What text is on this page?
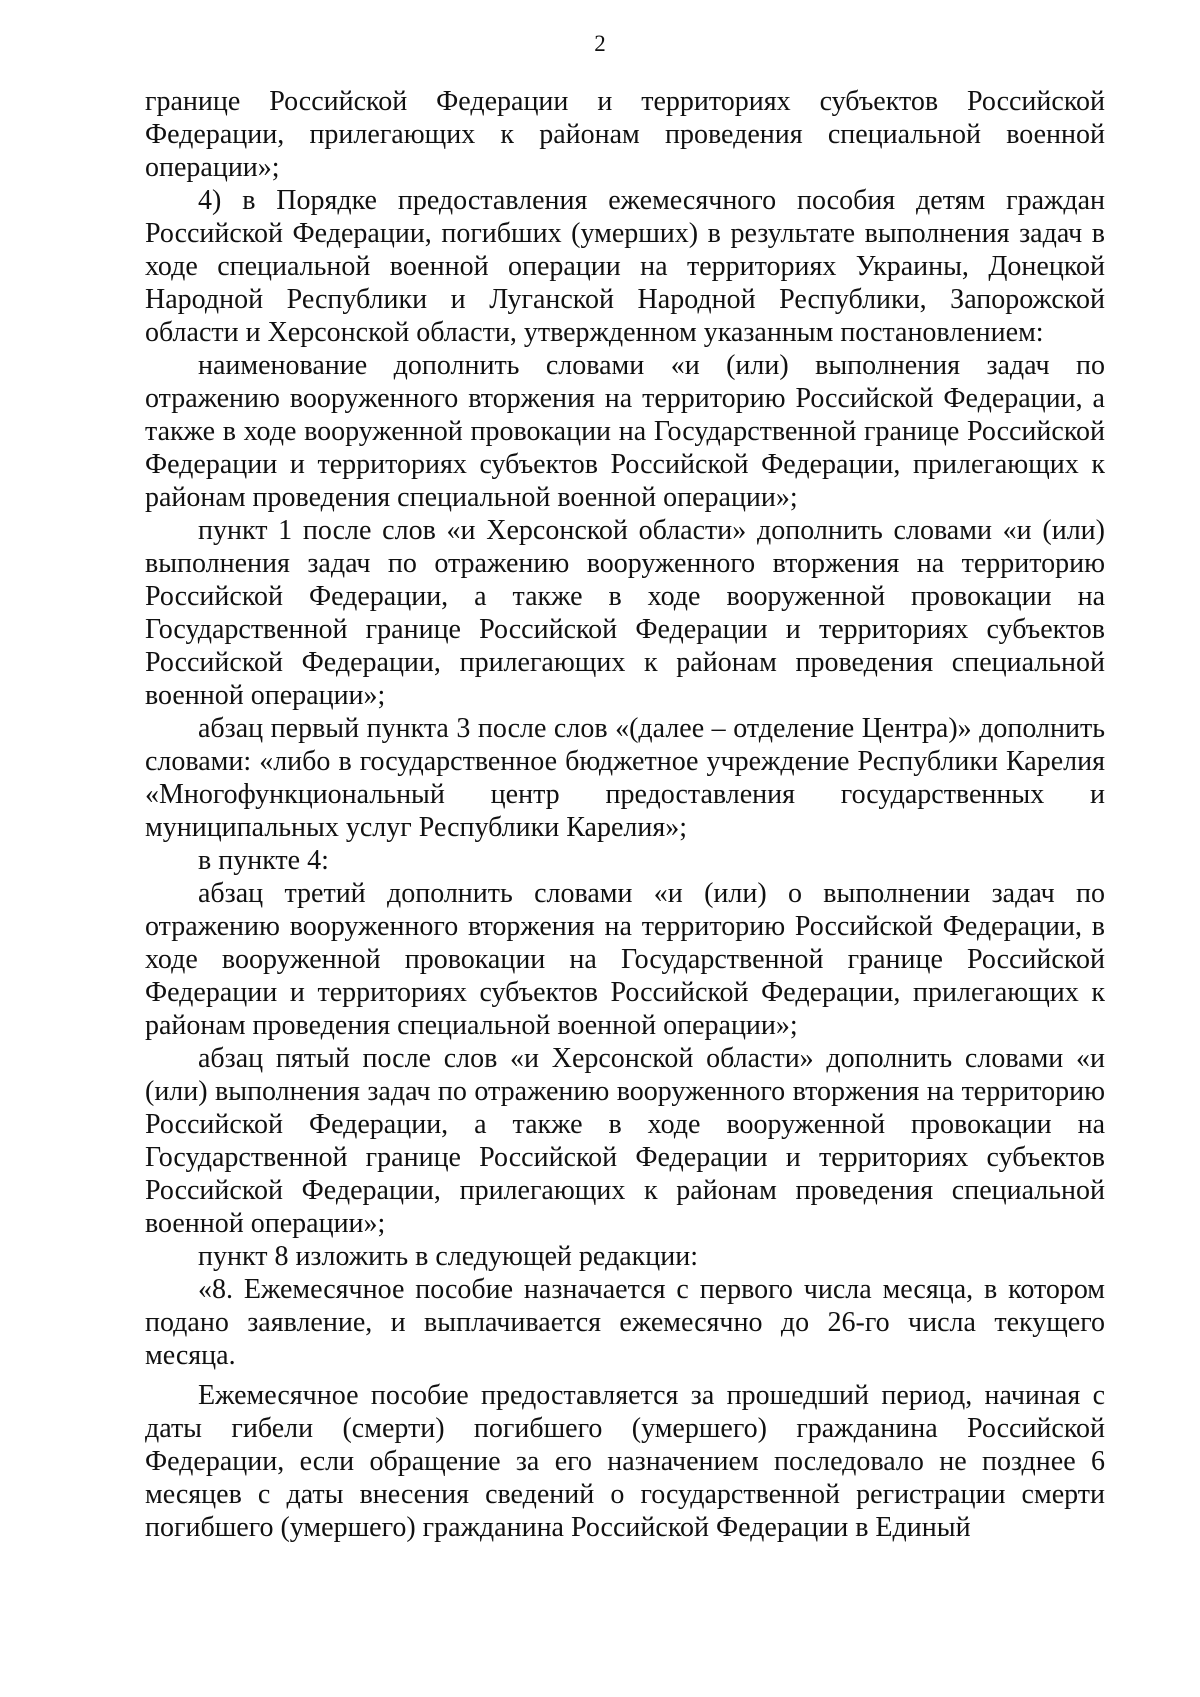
2

границе Российской Федерации и территориях субъектов Российской Федерации, прилегающих к районам проведения специальной военной операции»;

4) в Порядке предоставления ежемесячного пособия детям граждан Российской Федерации, погибших (умерших) в результате выполнения задач в ходе специальной военной операции на территориях Украины, Донецкой Народной Республики и Луганской Народной Республики, Запорожской области и Херсонской области, утвержденном указанным постановлением:

наименование дополнить словами «и (или) выполнения задач по отражению вооруженного вторжения на территорию Российской Федерации, а также в ходе вооруженной провокации на Государственной границе Российской Федерации и территориях субъектов Российской Федерации, прилегающих к районам проведения специальной военной операции»;

пункт 1 после слов «и Херсонской области» дополнить словами «и (или) выполнения задач по отражению вооруженного вторжения на территорию Российской Федерации, а также в ходе вооруженной провокации на Государственной границе Российской Федерации и территориях субъектов Российской Федерации, прилегающих к районам проведения специальной военной операции»;

абзац первый пункта 3 после слов «(далее – отделение Центра)» дополнить словами: «либо в государственное бюджетное учреждение Республики Карелия «Многофункциональный центр предоставления государственных и муниципальных услуг Республики Карелия»;

в пункте 4:

абзац третий дополнить словами «и (или) о выполнении задач по отражению вооруженного вторжения на территорию Российской Федерации, в ходе вооруженной провокации на Государственной границе Российской Федерации и территориях субъектов Российской Федерации, прилегающих к районам проведения специальной военной операции»;

абзац пятый после слов «и Херсонской области» дополнить словами «и (или) выполнения задач по отражению вооруженного вторжения на территорию Российской Федерации, а также в ходе вооруженной провокации на Государственной границе Российской Федерации и территориях субъектов Российской Федерации, прилегающих к районам проведения специальной военной операции»;

пункт 8 изложить в следующей редакции:

«8. Ежемесячное пособие назначается с первого числа месяца, в котором подано заявление, и выплачивается ежемесячно до 26-го числа текущего месяца.

Ежемесячное пособие предоставляется за прошедший период, начиная с даты гибели (смерти) погибшего (умершего) гражданина Российской Федерации, если обращение за его назначением последовало не позднее 6 месяцев с даты внесения сведений о государственной регистрации смерти погибшего (умершего) гражданина Российской Федерации в Единый
